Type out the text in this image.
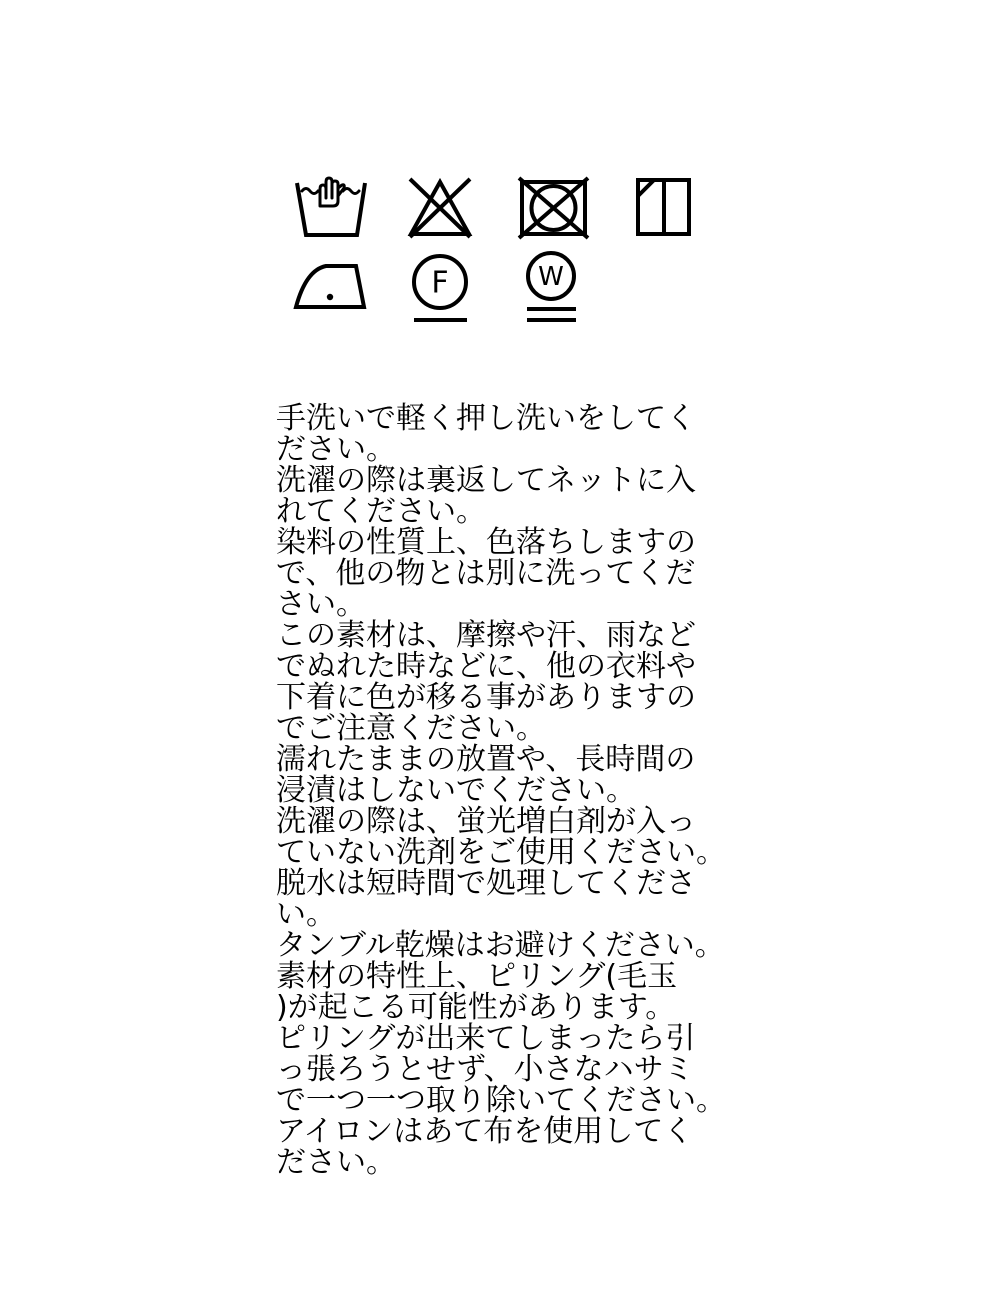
F	W
手洗いで軽く押し洗いをしてく
ださい。
洗濯の際は裏返してネットに入
れてください。
染料の性質上、色落ちしますの
で、他の物とは別に洗ってくだ
さい。
この素材は、摩擦や汗、雨など
でぬれた時などに、他の衣料や
下着に色が移る事がありますの
でご注意ください。
濡れたままの放置や、長時間の
浸漬はしないでください。
洗濯の際は、蛍光増白剤が入っ
ていない洗剤をご使用ください。
脱水は短時間で処理してくださ
い。
タンブル乾燥はお避けください。
素材の特性上、ピリング(毛玉
)が起こる可能性があります。
ピリングが出来てしまったら引
っ張ろうとせず、小さなハサミ
で一つ一つ取り除いてください。
アイロンはあて布を使用してく
ださい。
